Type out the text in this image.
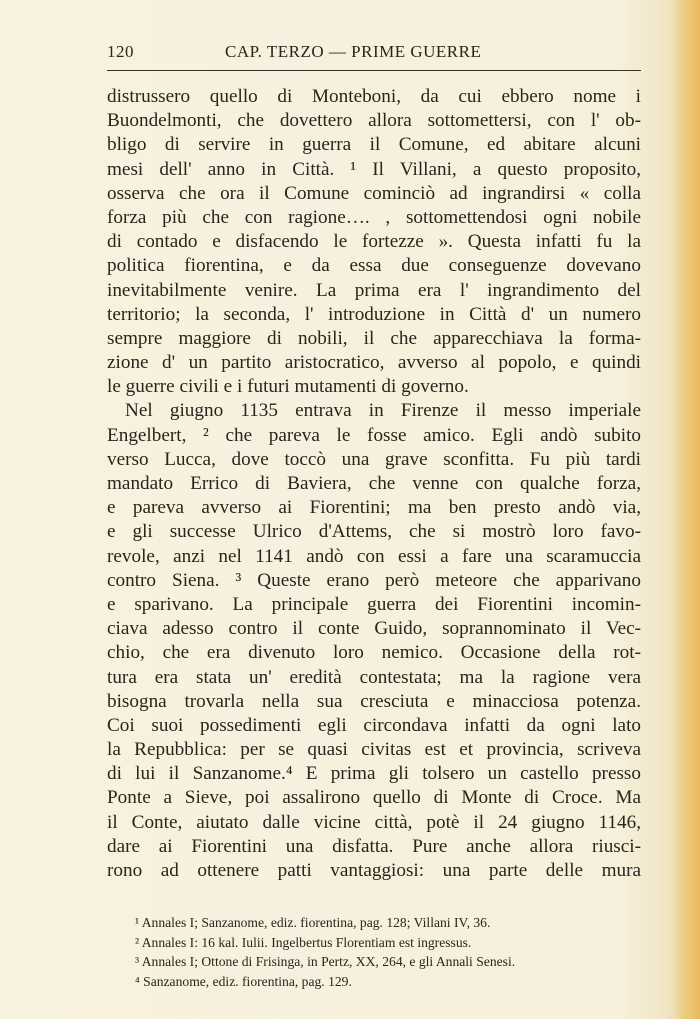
120	CAP. TERZO — PRIME GUERRE
distrussero quello di Monteboni, da cui ebbero nome i
Buondelmonti, che dovettero allora sottomettersi, con l' ob-
bligo di servire in guerra il Comune, ed abitare alcuni
mesi dell' anno in Città. ¹ Il Villani, a questo proposito,
osserva che ora il Comune cominciò ad ingrandirsi « colla
forza più che con ragione…. , sottomettendosi ogni nobile
di contado e disfacendo le fortezze ». Questa infatti fu la
politica fiorentina, e da essa due conseguenze dovevano
inevitabilmente venire. La prima era l' ingrandimento del
territorio; la seconda, l' introduzione in Città d' un numero
sempre maggiore di nobili, il che apparecchiava la forma-
zione d' un partito aristocratico, avverso al popolo, e quindi
le guerre civili e i futuri mutamenti di governo.
Nel giugno 1135 entrava in Firenze il messo imperiale
Engelbert, ² che pareva le fosse amico. Egli andò subito
verso Lucca, dove toccò una grave sconfitta. Fu più tardi
mandato Errico di Baviera, che venne con qualche forza,
e pareva avverso ai Fiorentini; ma ben presto andò via,
e gli successe Ulrico d'Attems, che si mostrò loro favo-
revole, anzi nel 1141 andò con essi a fare una scaramuccia
contro Siena. ³ Queste erano però meteore che apparivano
e sparivano. La principale guerra dei Fiorentini incomin-
ciava adesso contro il conte Guido, soprannominato il Vec-
chio, che era divenuto loro nemico. Occasione della rot-
tura era stata un' eredità contestata; ma la ragione vera
bisogna trovarla nella sua cresciuta e minacciosa potenza.
Coi suoi possedimenti egli circondava infatti da ogni lato
la Repubblica: per se quasi civitas est et provincia, scriveva
di lui il Sanzanome.⁴ E prima gli tolsero un castello presso
Ponte a Sieve, poi assalirono quello di Monte di Croce. Ma
il Conte, aiutato dalle vicine città, potè il 24 giugno 1146,
dare ai Fiorentini una disfatta. Pure anche allora riusci-
rono ad ottenere patti vantaggiosi: una parte delle mura
¹ Annales I; Sanzanome, ediz. fiorentina, pag. 128; Villani IV, 36.
² Annales I: 16 kal. Iulii. Ingelbertus Florentiam est ingressus.
³ Annales I; Ottone di Frisinga, in Pertz, XX, 264, e gli Annali Senesi.
⁴ Sanzanome, ediz. fiorentina, pag. 129.
